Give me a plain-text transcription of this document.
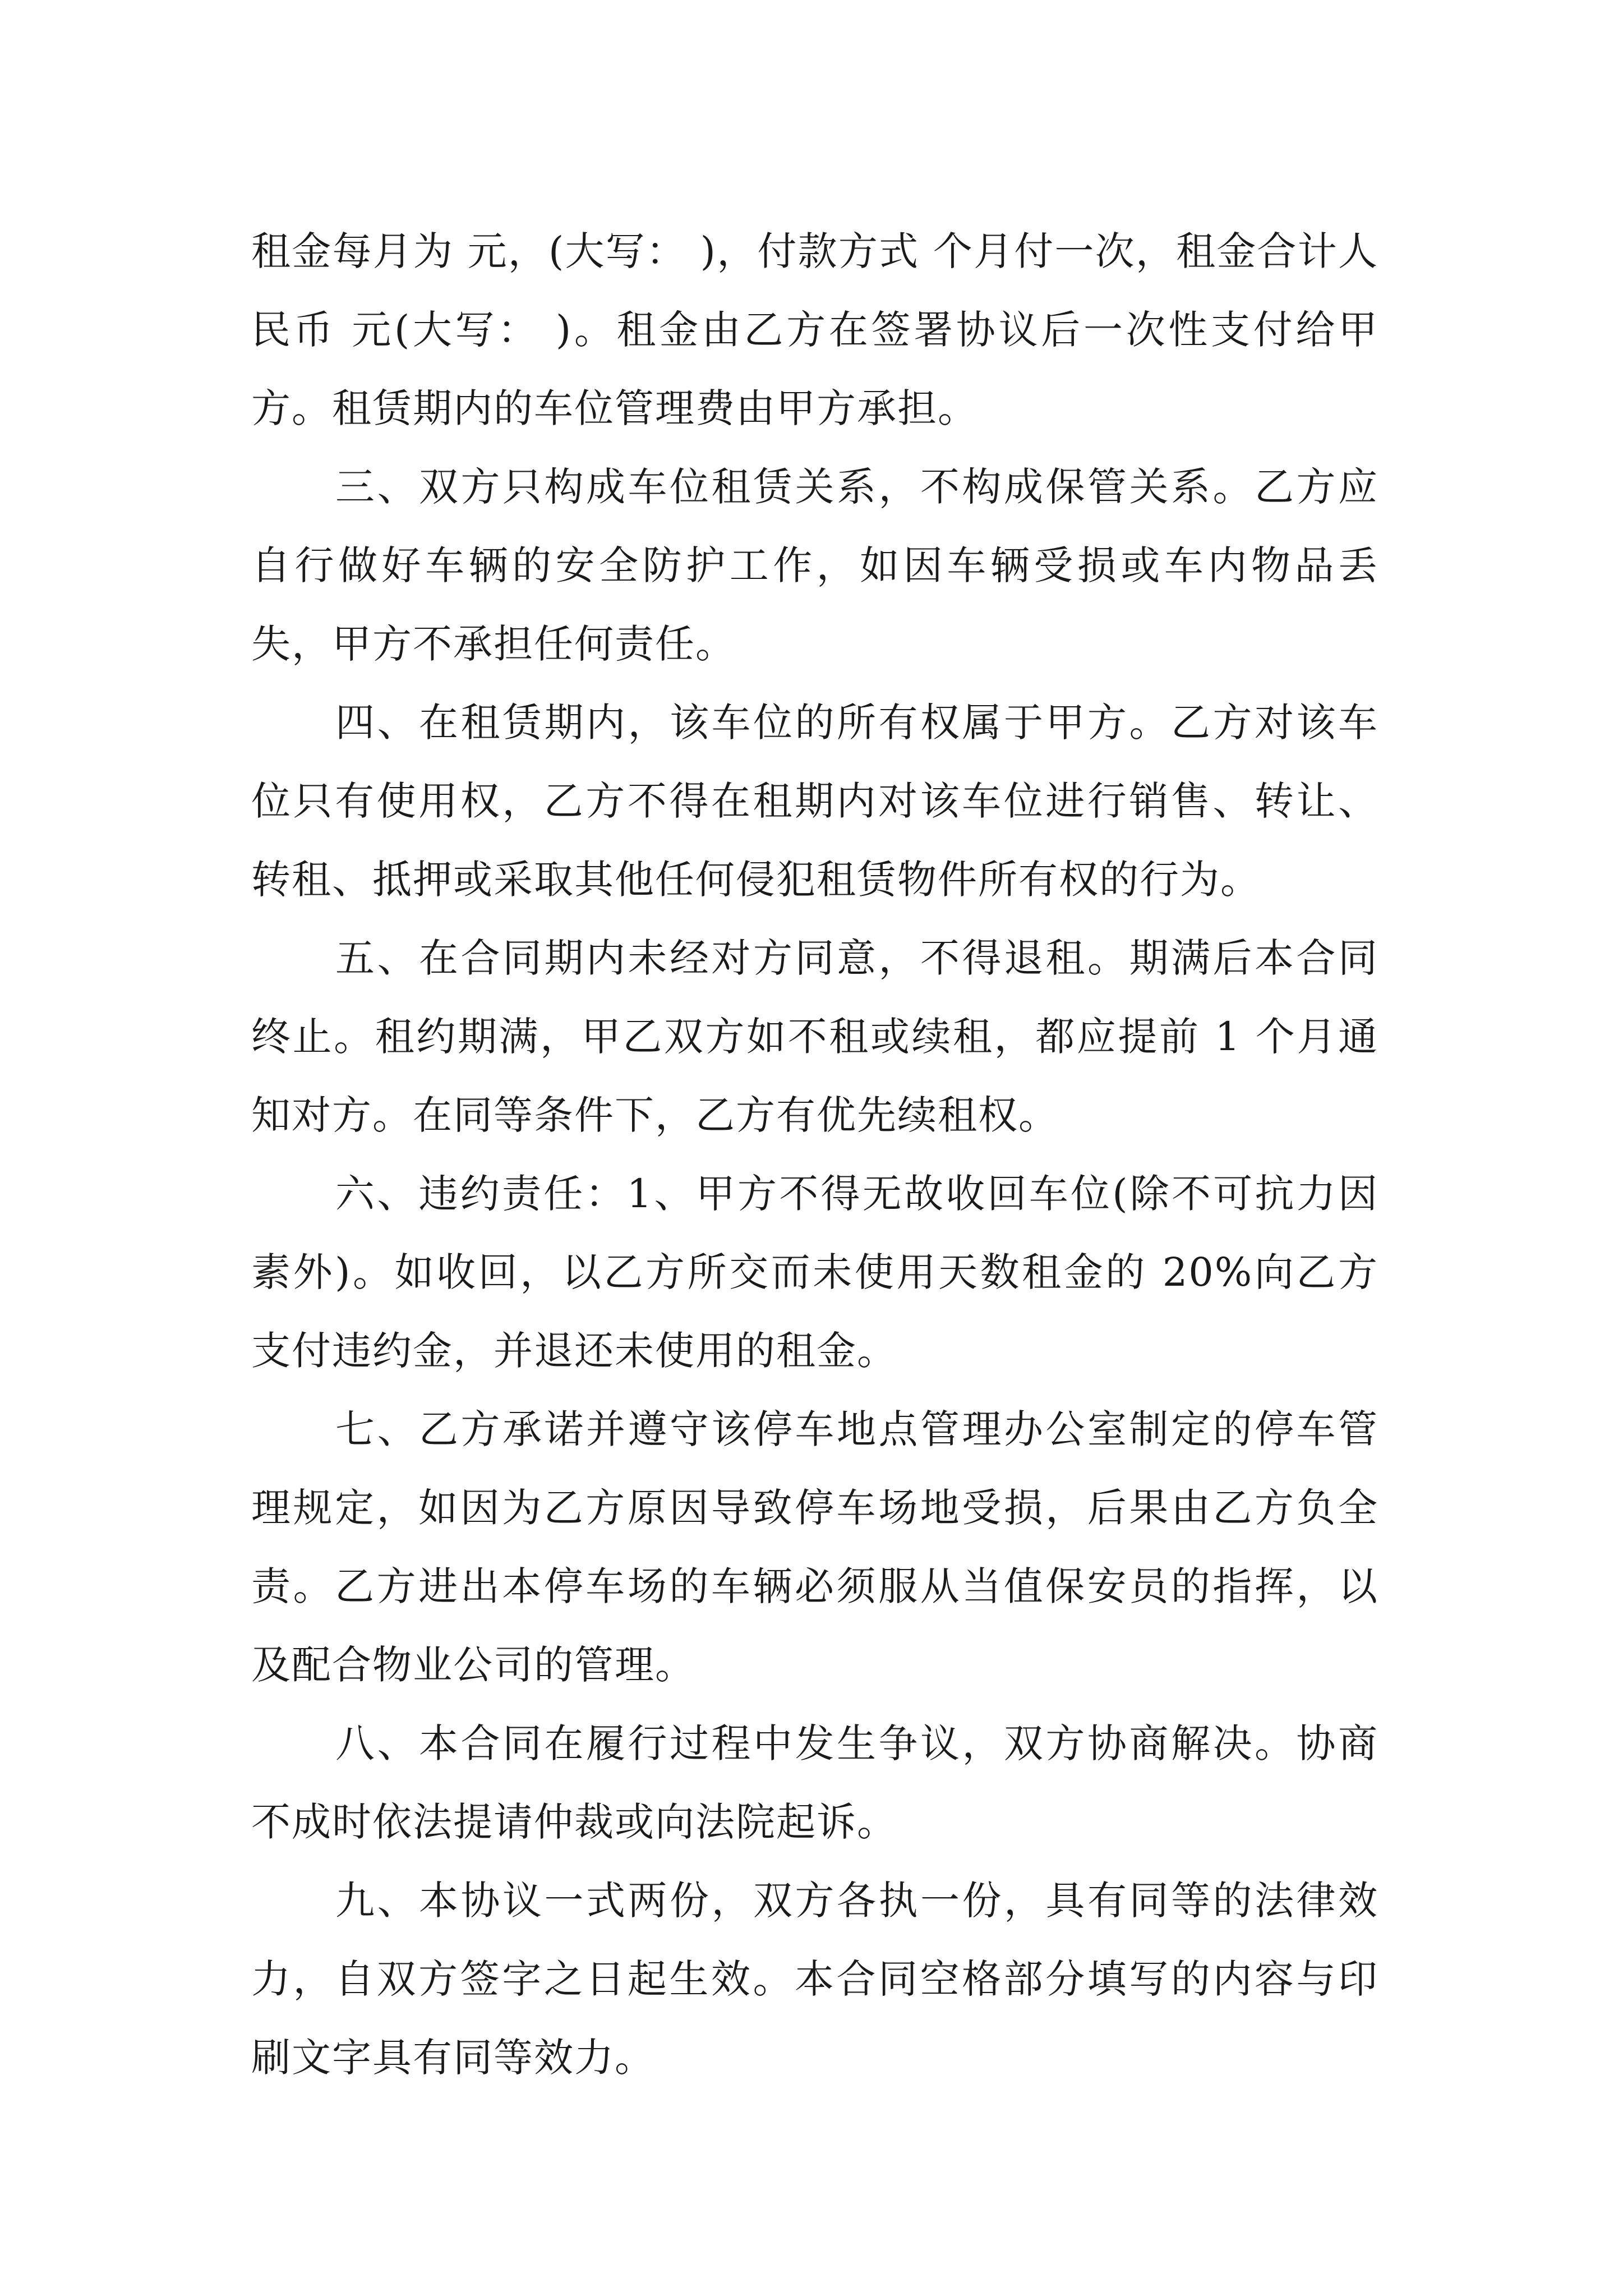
租金每月为 元，(大写： )，付款方式 个月付一次，租金合计人民币 元(大写： )。租金由乙方在签署协议后一次性支付给甲方。租赁期内的车位管理费由甲方承担。

三、双方只构成车位租赁关系，不构成保管关系。乙方应自行做好车辆的安全防护工作，如因车辆受损或车内物品丢失，甲方不承担任何责任。

四、在租赁期内，该车位的所有权属于甲方。乙方对该车位只有使用权，乙方不得在租期内对该车位进行销售、转让、转租、抵押或采取其他任何侵犯租赁物件所有权的行为。

五、在合同期内未经对方同意，不得退租。期满后本合同终止。租约期满，甲乙双方如不租或续租，都应提前 1 个月通知对方。在同等条件下，乙方有优先续租权。

六、违约责任：1、甲方不得无故收回车位(除不可抗力因素外)。如收回，以乙方所交而未使用天数租金的 20%向乙方支付违约金，并退还未使用的租金。

七、乙方承诺并遵守该停车地点管理办公室制定的停车管理规定，如因为乙方原因导致停车场地受损，后果由乙方负全责。乙方进出本停车场的车辆必须服从当值保安员的指挥，以及配合物业公司的管理。

八、本合同在履行过程中发生争议，双方协商解决。协商不成时依法提请仲裁或向法院起诉。

九、本协议一式两份，双方各执一份，具有同等的法律效力，自双方签字之日起生效。本合同空格部分填写的内容与印刷文字具有同等效力。
